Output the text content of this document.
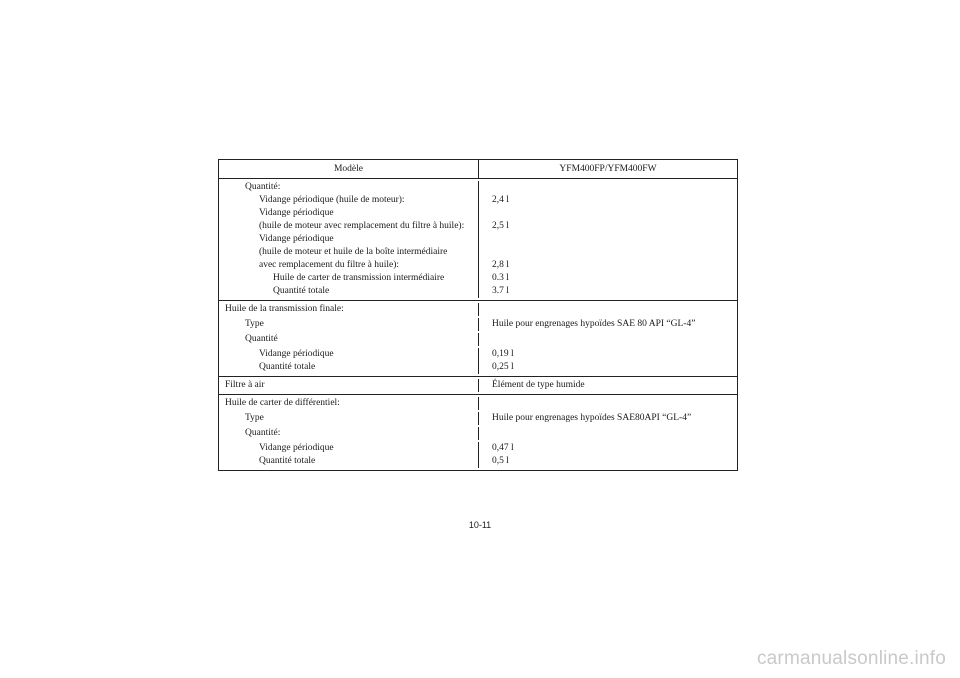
Modèle	YFM400FP/YFM400FW
Quantité:
Vidange périodique (huile de moteur):	2,4 l
Vidange périodique
(huile de moteur avec remplacement du filtre à huile):	2,5 l
Vidange périodique
(huile de moteur et huile de la boîte intermédiaire
avec remplacement du filtre à huile):	2,8 l
Huile de carter de transmission intermédiaire	0.3 l
Quantité totale	3.7 l
Huile de la transmission finale:
Type	Huile pour engrenages hypoïdes SAE 80 API “GL-4”
Quantité
Vidange périodique	0,19 l
Quantité totale	0,25 l
Filtre à air	Élément de type humide
Huile de carter de différentiel:
Type	Huile pour engrenages hypoïdes SAE80API “GL-4”
Quantité:
Vidange périodique	0,47 l
Quantité totale	0,5 l
10-11
carmanualsonline.info
